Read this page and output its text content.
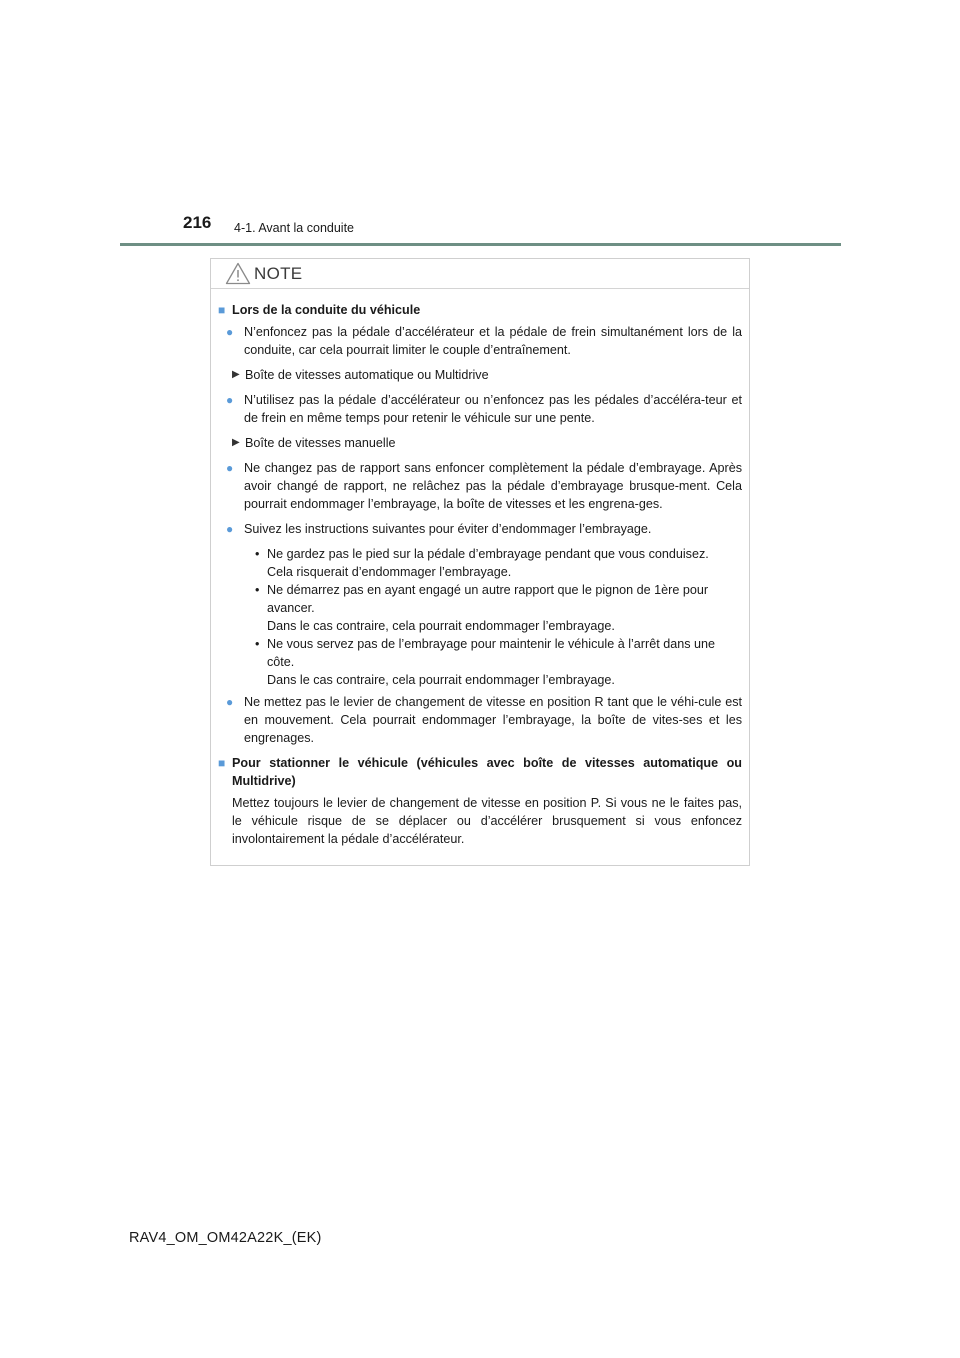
216 4-1. Avant la conduite
NOTE
■ Lors de la conduite du véhicule
● N’enfoncez pas la pédale d’accélérateur et la pédale de frein simultanément lors de la conduite, car cela pourrait limiter le couple d’entraînement.
▶ Boîte de vitesses automatique ou Multidrive
● N’utilisez pas la pédale d’accélérateur ou n’enfoncez pas les pédales d’accéléra-teur et de frein en même temps pour retenir le véhicule sur une pente.
▶ Boîte de vitesses manuelle
● Ne changez pas de rapport sans enfoncer complètement la pédale d’embrayage. Après avoir changé de rapport, ne relâchez pas la pédale d’embrayage brusque-ment. Cela pourrait endommager l’embrayage, la boîte de vitesses et les engrena-ges.
● Suivez les instructions suivantes pour éviter d’endommager l’embrayage.
• Ne gardez pas le pied sur la pédale d’embrayage pendant que vous conduisez.
Cela risquerait d’endommager l’embrayage.
• Ne démarrez pas en ayant engagé un autre rapport que le pignon de 1ère pour avancer.
Dans le cas contraire, cela pourrait endommager l’embrayage.
• Ne vous servez pas de l’embrayage pour maintenir le véhicule à l’arrêt dans une côte.
Dans le cas contraire, cela pourrait endommager l’embrayage.
● Ne mettez pas le levier de changement de vitesse en position R tant que le véhi-cule est en mouvement. Cela pourrait endommager l’embrayage, la boîte de vites-ses et les engrenages.
■ Pour stationner le véhicule (véhicules avec boîte de vitesses automatique ou Multidrive)
Mettez toujours le levier de changement de vitesse en position P. Si vous ne le faites pas, le véhicule risque de se déplacer ou d’accélérer brusquement si vous enfoncez involontairement la pédale d’accélérateur.
RAV4_OM_OM42A22K_(EK)
